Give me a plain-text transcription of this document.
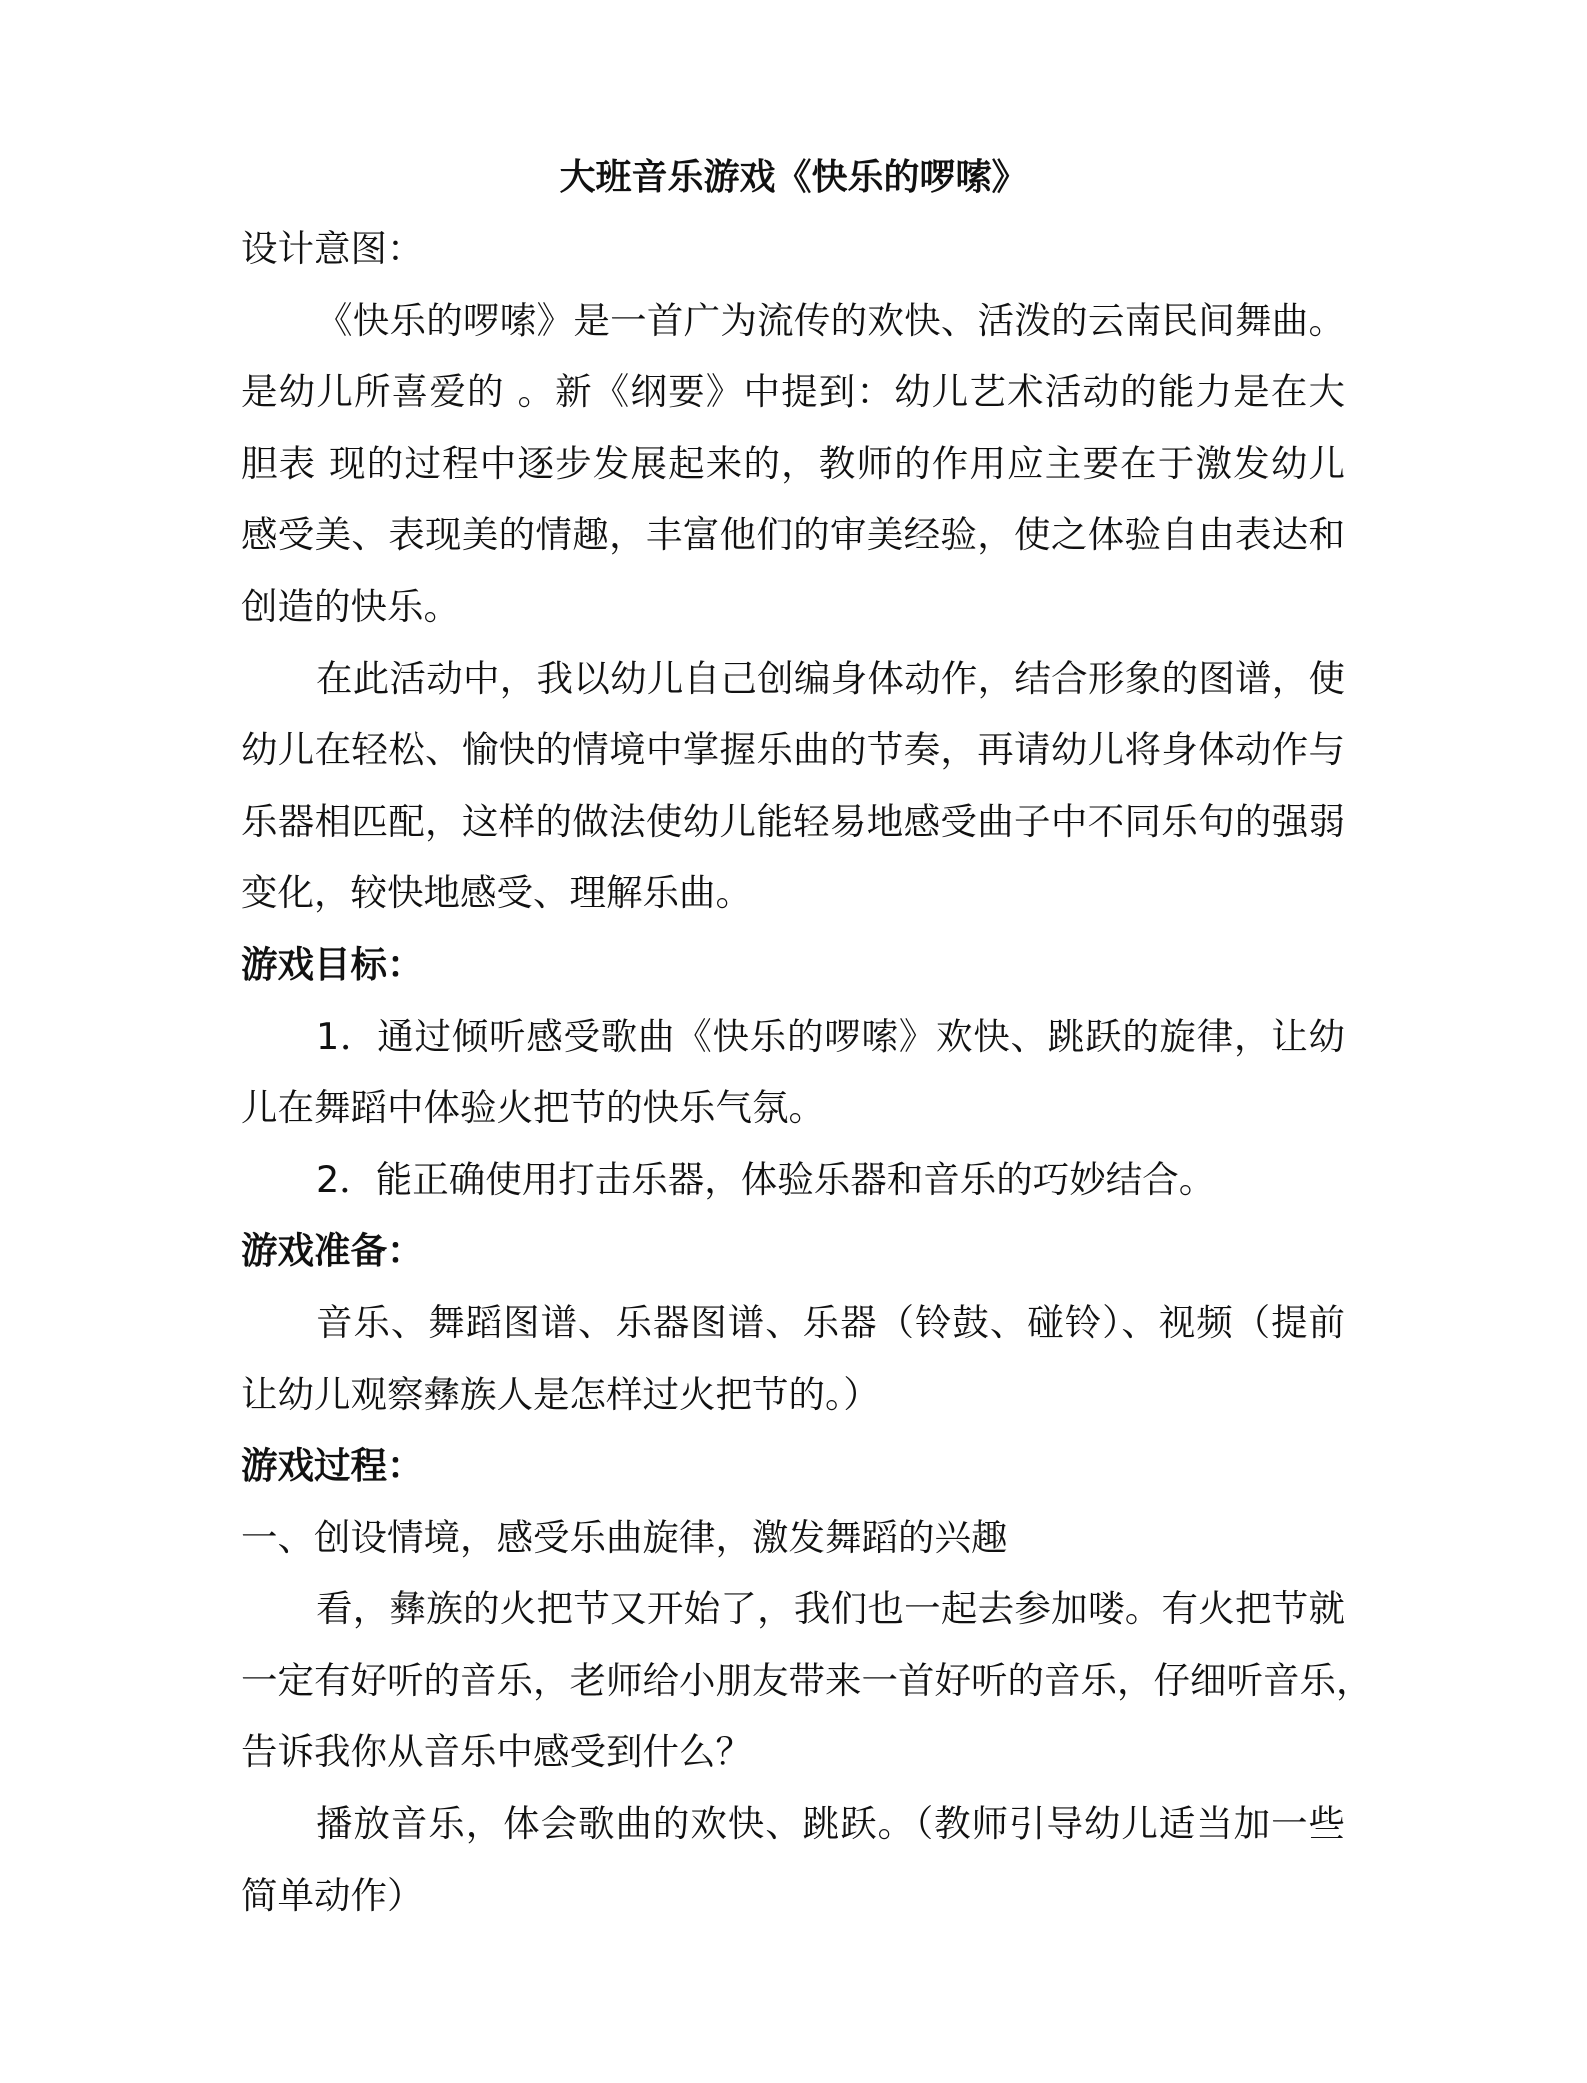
大班音乐游戏《快乐的啰嗦》
设计意图：
《快乐的啰嗦》是一首广为流传的欢快、活泼的云南民间舞曲。
是幼儿所喜爱的 。新《纲要》中提到：幼儿艺术活动的能力是在大
胆表 现的过程中逐步发展起来的，教师的作用应主要在于激发幼儿
感受美、表现美的情趣，丰富他们的审美经验，使之体验自由表达和
创造的快乐。
在此活动中，我以幼儿自己创编身体动作，结合形象的图谱，使
幼儿在轻松、愉快的情境中掌握乐曲的节奏，再请幼儿将身体动作与
乐器相匹配，这样的做法使幼儿能轻易地感受曲子中不同乐句的强弱
变化，较快地感受、理解乐曲。
游戏目标：
1．通过倾听感受歌曲《快乐的啰嗦》欢快、跳跃的旋律，让幼
儿在舞蹈中体验火把节的快乐气氛。
2．能正确使用打击乐器，体验乐器和音乐的巧妙结合。
游戏准备：
音乐、舞蹈图谱、乐器图谱、乐器（铃鼓、碰铃）、视频（提前
让幼儿观察彝族人是怎样过火把节的。）
游戏过程：
一、创设情境，感受乐曲旋律，激发舞蹈的兴趣
看，彝族的火把节又开始了，我们也一起去参加喽。有火把节就
一定有好听的音乐，老师给小朋友带来一首好听的音乐，仔细听音乐，
告诉我你从音乐中感受到什么？
播放音乐，体会歌曲的欢快、跳跃。（教师引导幼儿适当加一些
简单动作）
